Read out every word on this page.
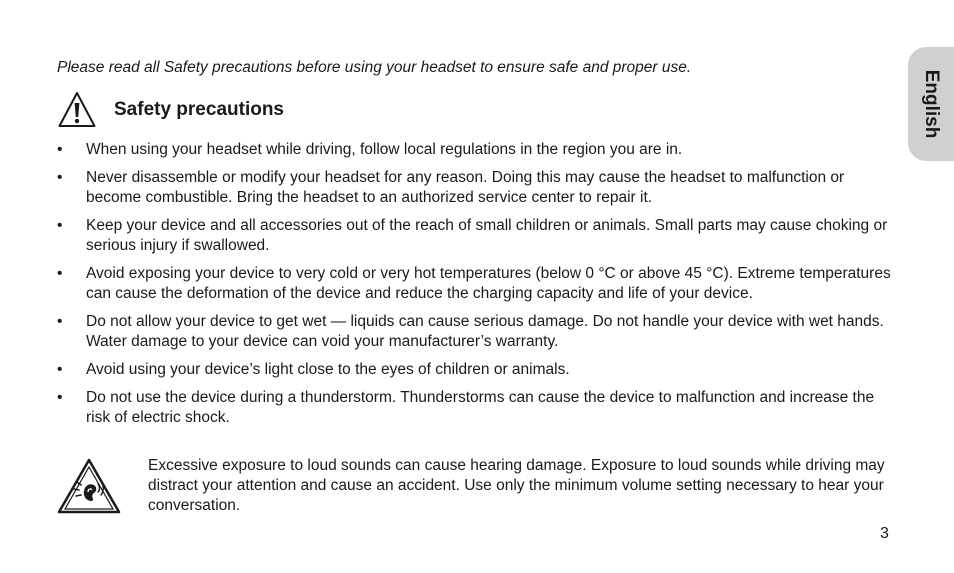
Please read all Safety precautions before using your headset to ensure safe and proper use.

Safety precautions
• When using your headset while driving, follow local regulations in the region you are in.
• Never disassemble or modify your headset for any reason. Doing this may cause the headset to malfunction or become combustible. Bring the headset to an authorized service center to repair it.
• Keep your device and all accessories out of the reach of small children or animals. Small parts may cause choking or serious injury if swallowed.
• Avoid exposing your device to very cold or very hot temperatures (below 0 °C or above 45 °C). Extreme temperatures can cause the deformation of the device and reduce the charging capacity and life of your device.
• Do not allow your device to get wet — liquids can cause serious damage. Do not handle your device with wet hands. Water damage to your device can void your manufacturer’s warranty.
• Avoid using your device’s light close to the eyes of children or animals.
• Do not use the device during a thunderstorm. Thunderstorms can cause the device to malfunction and increase the risk of electric shock.

Excessive exposure to loud sounds can cause hearing damage. Exposure to loud sounds while driving may distract your attention and cause an accident. Use only the minimum volume setting necessary to hear your conversation.

English
3
